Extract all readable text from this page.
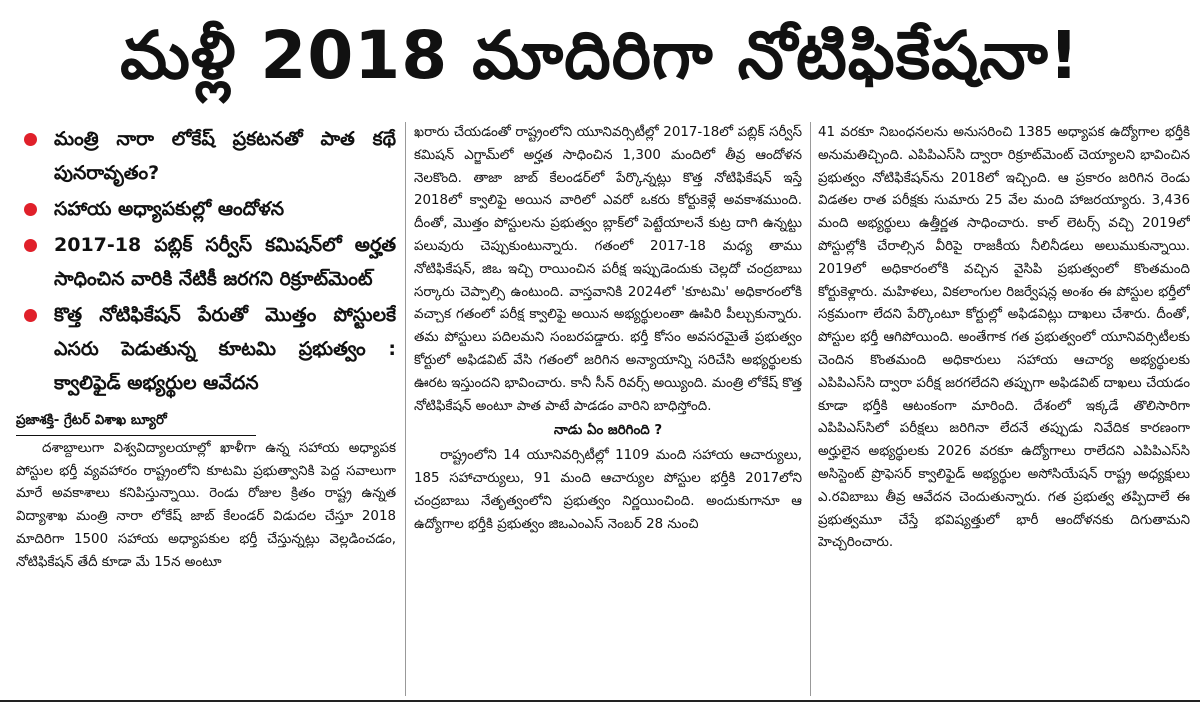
మళ్లీ 2018 మాదిరిగా నోటిఫికేషనా!
మంత్రి నారా లోకేష్ ప్రకటనతో పాత కథే పునరావృతం?
సహాయ అధ్యాపకుల్లో ఆందోళన
2017-18 పబ్లిక్ సర్వీస్ కమిషన్‌లో అర్హత సాధించిన వారికి నేటికీ జరగని రిక్రూట్‌మెంట్
కొత్త నోటిఫికేషన్ పేరుతో మొత్తం పోస్టులకే ఎసరు పెడుతున్న కూటమి ప్రభుత్వం : క్వాలిఫైడ్ అభ్యర్థుల ఆవేదన
ప్రజాశక్తి- గ్రేటర్ విశాఖ బ్యూరో

దశాబ్దాలుగా విశ్వవిద్యాలయాల్లో ఖాళీగా ఉన్న సహాయ అధ్యాపక పోస్టుల భర్తీ వ్యవహారం రాష్ట్రంలోని కూటమి ప్రభుత్వానికి పెద్ద సవాలుగా మారే అవకాశాలు కనిపిస్తున్నాయి. రెండు రోజుల క్రితం రాష్ట్ర ఉన్నత విద్యాశాఖ మంత్రి నారా లోకేష్ జాబ్ కేలండర్ విడుదల చేస్తూ 2018 మాదిరిగా 1500 సహాయ అధ్యాపకుల భర్తీ చేస్తున్నట్లు వెల్లడించడం, నోటిఫికేషన్ తేదీ కూడా మే 15న అంటూ

ఖరారు చేయడంతో రాష్ట్రంలోని యూనివర్సిటీల్లో 2017-18లో పబ్లిక్ సర్వీస్ కమిషన్ ఎగ్జామ్‌లో అర్హత సాధించిన 1,300 మందిలో తీవ్ర ఆందోళన నెలకొంది. తాజా జాబ్ కేలండర్‌లో పేర్కొన్నట్లు కొత్త నోటిఫికేషన్ ఇస్తే 2018లో క్వాలిఫై అయిన వారిలో ఎవరో ఒకరు కోర్టుకెళ్లే అవకాశముంది. దీంతో, మొత్తం పోస్టులను ప్రభుత్వం బ్లాక్‌లో పెట్టేయాలనే కుట్ర దాగి ఉన్నట్టు పలువురు చెప్పుకుంటున్నారు. గతంలో 2017-18 మధ్య తాము నోటిఫికేషన్, జిఒ ఇచ్చి రాయించిన పరీక్ష ఇప్పుడెందుకు చెల్లదో చంద్రబాబు సర్కారు చెప్పాల్సి ఉంటుంది. వాస్తవానికి 2024లో 'కూటమి' అధికారంలోకి వచ్చాక గతంలో పరీక్ష క్వాలిఫై అయిన అభ్యర్థులంతా ఊపిరి పీల్చుకున్నారు. తమ పోస్టులు పదిలమని సంబరపడ్డారు. భర్తీ కోసం అవసరమైతే ప్రభుత్వం కోర్టులో అఫిడవిట్ వేసి గతంలో జరిగిన అన్యాయాన్ని సరిచేసి అభ్యర్థులకు ఊరట ఇస్తుందని భావించారు. కానీ సీన్ రివర్స్ అయ్యింది. మంత్రి లోకేష్ కొత్త నోటిఫికేషన్ అంటూ పాత పాటే పాడడం వారిని బాధిస్తోంది.

నాడు ఏం జరిగింది ?

రాష్ట్రంలోని 14 యూనివర్సిటీల్లో 1109 మంది సహాయ ఆచార్యులు, 185 సహాచార్యులు, 91 మంది ఆచార్యుల పోస్టుల భర్తీకి 2017లోని చంద్రబాబు నేతృత్వంలోని ప్రభుత్వం నిర్ణయించింది. అందుకుగానూ ఆ ఉద్యోగాల భర్తీకి ప్రభుత్వం జిఒఎంఎస్ నెంబర్ 28 నుంచి

41 వరకూ నిబంధనలను అనుసరించి 1385 అధ్యాపక ఉద్యోగాల భర్తీకి అనుమతిచ్చింది. ఎపిపిఎస్‌సి ద్వారా రిక్రూట్‌మెంట్ చెయ్యాలని భావించిన ప్రభుత్వం నోటిఫికేషన్‌ను 2018లో ఇచ్చింది. ఆ ప్రకారం జరిగిన రెండు విడతల రాత పరీక్షకు సుమారు 25 వేల మంది హాజరయ్యారు. 3,436 మంది అభ్యర్థులు ఉత్తీర్ణత సాధించారు. కాల్ లెటర్స్ వచ్చి 2019లో పోస్టుల్లోకి చేరాల్సిన వీరిపై రాజకీయ నీలినీడలు అలుముకున్నాయి. 2019లో అధికారంలోకి వచ్చిన వైసిపి ప్రభుత్వంలో కొంతమంది కోర్టుకెళ్లారు. మహిళలు, వికలాంగుల రిజర్వేషన్ల అంశం ఈ పోస్టుల భర్తీలో సక్రమంగా లేదని పేర్కొంటూ కోర్టుల్లో అఫిడవిట్లు దాఖలు చేశారు. దీంతో, పోస్టుల భర్తీ ఆగిపోయింది. అంతేగాక గత ప్రభుత్వంలో యూనివర్సిటీలకు చెందిన కొంతమంది అధికారులు సహాయ ఆచార్య అభ్యర్థులకు ఎపిపిఎస్‌సి ద్వారా పరీక్ష జరగలేదని తప్పుగా అఫిడవిట్ దాఖలు చేయడం కూడా భర్తీకి ఆటంకంగా మారింది. దేశంలో ఇక్కడే తొలిసారిగా ఎపిపిఎస్‌సిలో పరీక్షలు జరిగినా లేదనే తప్పుడు నివేదిక కారణంగా అర్హులైన అభ్యర్థులకు 2026 వరకూ ఉద్యోగాలు రాలేదని ఎపిపిఎస్‌సి అసిస్టెంట్ ప్రొఫెసర్ క్వాలిఫైడ్ అభ్యర్థుల అసోసియేషన్ రాష్ట్ర అధ్యక్షులు ఎ.రవిబాబు తీవ్ర ఆవేదన చెందుతున్నారు. గత ప్రభుత్వ తప్పిదాలే ఈ ప్రభుత్వమూ చేస్తే భవిష్యత్తులో భారీ ఆందోళనకు దిగుతామని హెచ్చరించారు.
